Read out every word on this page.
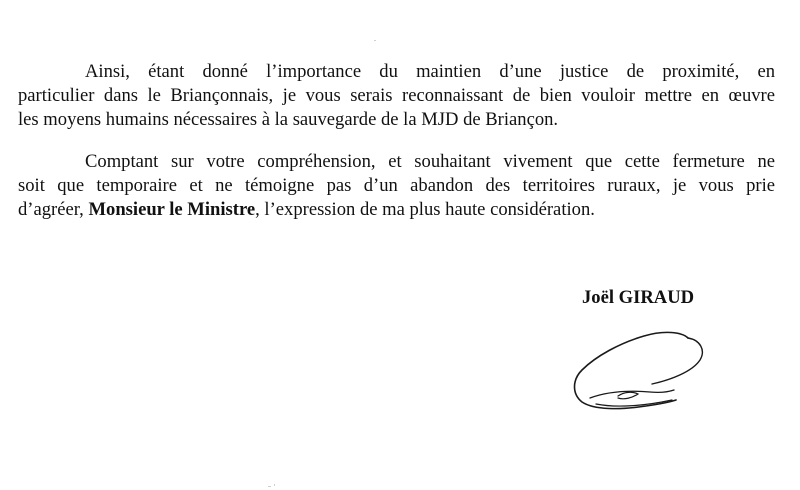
Ainsi, étant donné l’importance du maintien d’une justice de proximité, en
particulier dans le Briançonnais, je vous serais reconnaissant de bien vouloir mettre en œuvre
les moyens humains nécessaires à la sauvegarde de la MJD de Briançon.
Comptant sur votre compréhension, et souhaitant vivement que cette fermeture ne
soit que temporaire et ne témoigne pas d’un abandon des territoires ruraux, je vous prie
d’agréer, Monsieur le Ministre, l’expression de ma plus haute considération.

Joël GIRAUD
